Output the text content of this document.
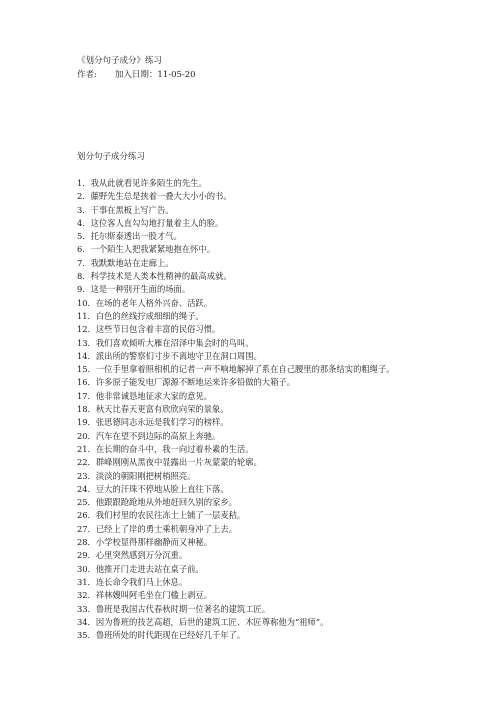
《划分句子成分》练习
作者: 加入日期：11-05-20
划分句子成分练习
1．我从此就看见许多陌生的先生。
2．藤野先生总是挟着一叠大大小小的书。
3．干事在黑板上写广告。
4．这位客人直勾勾地打量着主人的脸。
5．托尔斯泰透出一股才气。
6．一个陌生人把我紧紧地抱在怀中。
7．我默默地站在走廊上。
8．科学技术是人类本性精神的最高成就。
9．这是一种别开生面的场面。
10．在场的老年人格外兴奋、活跃。
11．白色的丝线拧成细细的绳子。
12．这些节日包含着丰富的民俗习惯。
13．我们喜欢倾听大雁在沼泽中集会时的鸟叫。
14．派出所的警察们寸步不离地守卫在洞口周围。
15．一位手里拿着照相机的记者一声不响地解掉了系在自己腰里的那条结实的粗绳子。
16．许多原子能发电厂源源不断地运来许多铅做的大箱子。
17．他非常诚恳地征求大家的意见。
18．秋天比春天更富有欣欣向荣的景象。
19．张思德同志永远是我们学习的榜样。
20．汽车在望不到边际的高原上奔驰。
21．在长期的奋斗中，我一向过着朴素的生活。
22．群峰刚刚从黑夜中显露出一片灰蒙蒙的轮廓。
23．淡淡的朝阳刚把树梢照亮。
24．豆大的汗珠不停地从脸上直往下落。
25．他跟跟跄跄地从外地赶回久别的家乡。
26．我们村里的农民往冻土上铺了一层麦秸。
27．已经上了岸的勇士乘机朝身冲了上去。
28．小学校显得那样幽静而又神秘。
29．心里突然感到万分沉重。
30．他推开门走进去站在桌子前。
31．连长命令我们马上休息。
32．祥林嫂叫阿毛坐在门槛上剥豆。
33．鲁班是我国古代春秋时期一位著名的建筑工匠。
34．因为鲁班的技艺高超，后世的建筑工匠、木匠尊称他为“祖师”。
35．鲁班所处的时代距现在已经好几千年了。
